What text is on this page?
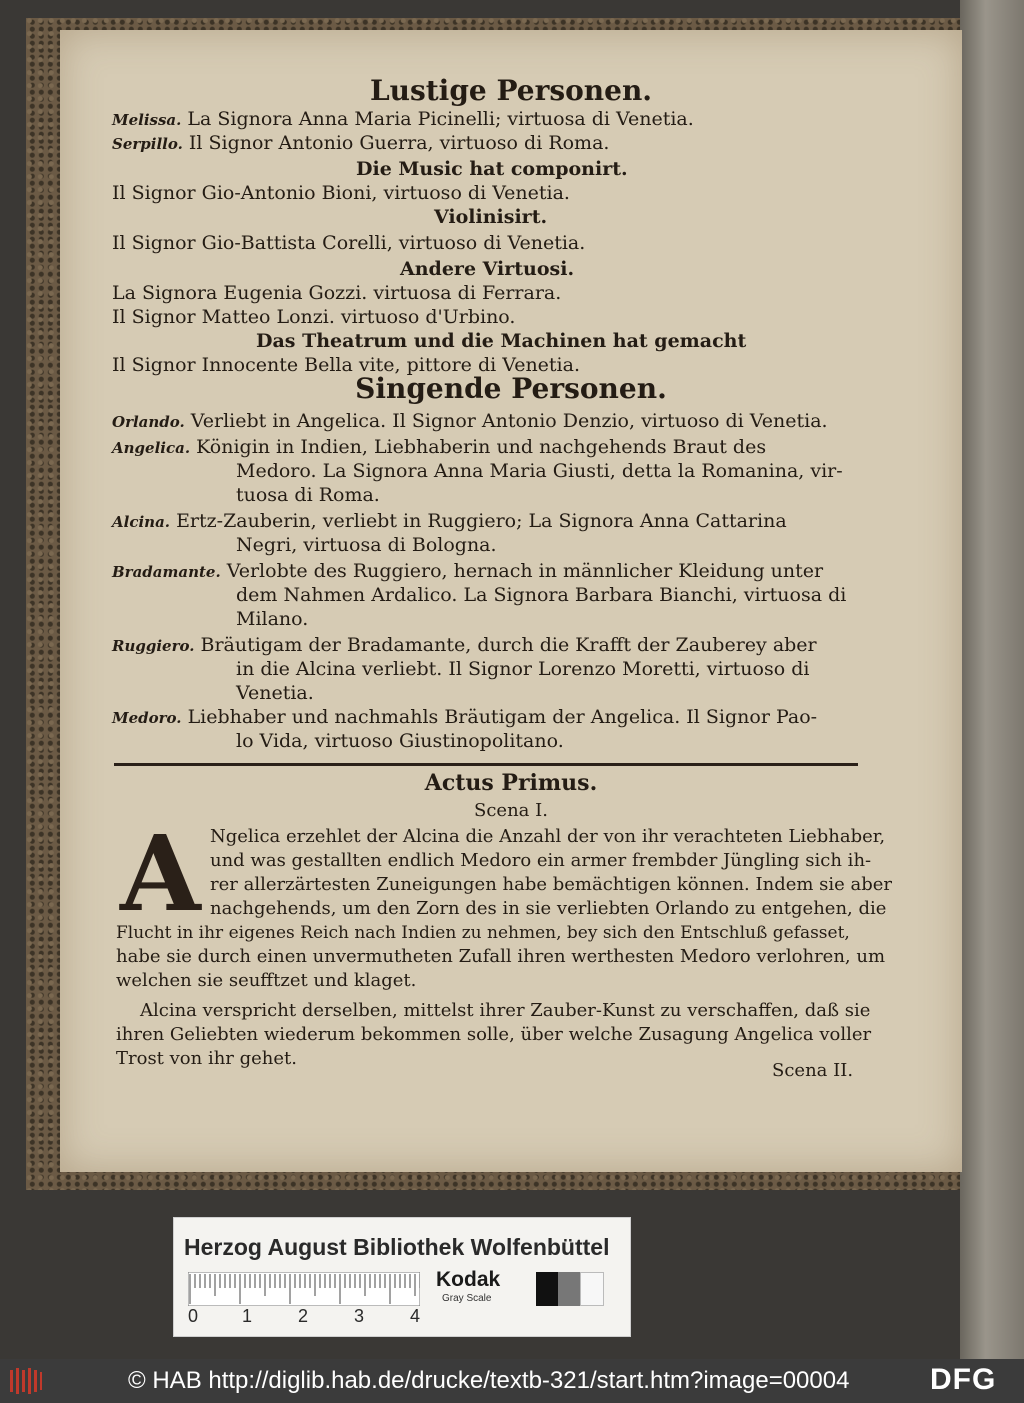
Lustige Personen.
Melissa. La Signora Anna Maria Picinelli; virtuosa di Venetia.
Serpillo. Il Signor Antonio Guerra, virtuoso di Roma.
Die Music hat componirt.
Il Signor Gio-Antonio Bioni, virtuoso di Venetia.
Violinisirt.
Il Signor Gio-Battista Corelli, virtuoso di Venetia.
Andere Virtuosi.
La Signora Eugenia Gozzi. virtuosa di Ferrara.
Il Signor Matteo Lonzi. virtuoso d'Urbino.
Das Theatrum und die Machinen hat gemacht
Il Signor Innocente Bella vite, pittore di Venetia.
Singende Personen.
Orlando. Verliebt in Angelica. Il Signor Antonio Denzio, virtuoso di Venetia.
Angelica. Königin in Indien, Liebhaberin und nachgehends Braut des
Medoro. La Signora Anna Maria Giusti, detta la Romanina, vir-
tuosa di Roma.
Alcina. Ertz-Zauberin, verliebt in Ruggiero; La Signora Anna Cattarina
Negri, virtuosa di Bologna.
Bradamante. Verlobte des Ruggiero, hernach in männlicher Kleidung unter
dem Nahmen Ardalico. La Signora Barbara Bianchi, virtuosa di
Milano.
Ruggiero. Bräutigam der Bradamante, durch die Krafft der Zauberey aber
in die Alcina verliebt. Il Signor Lorenzo Moretti, virtuoso di
Venetia.
Medoro. Liebhaber und nachmahls Bräutigam der Angelica. Il Signor Pao-
lo Vida, virtuoso Giustinopolitano.
Actus Primus.
Scena I.
A Ngelica erzehlet der Alcina die Anzahl der von ihr verachteten Liebhaber,
und was gestallten endlich Medoro ein armer frembder Jüngling sich ih-
rer allerzärtesten Zuneigungen habe bemächtigen können. Indem sie aber
nachgehends, um den Zorn des in sie verliebten Orlando zu entgehen, die
Flucht in ihr eigenes Reich nach Indien zu nehmen, bey sich den Entschluß gefasset,
habe sie durch einen unvermutheten Zufall ihren werthesten Medoro verlohren, um
welchen sie seufftzet und klaget.
Alcina verspricht derselben, mittelst ihrer Zauber-Kunst zu verschaffen, daß sie
ihren Geliebten wiederum bekommen solle, über welche Zusagung Angelica voller
Trost von ihr gehet.
Scena II.
Herzog August Bibliothek Wolfenbüttel
0 1	2	3	4
Kodak
Gray Scale
© HAB http://diglib.hab.de/drucke/textb-321/start.htm?image=00004	DFG
